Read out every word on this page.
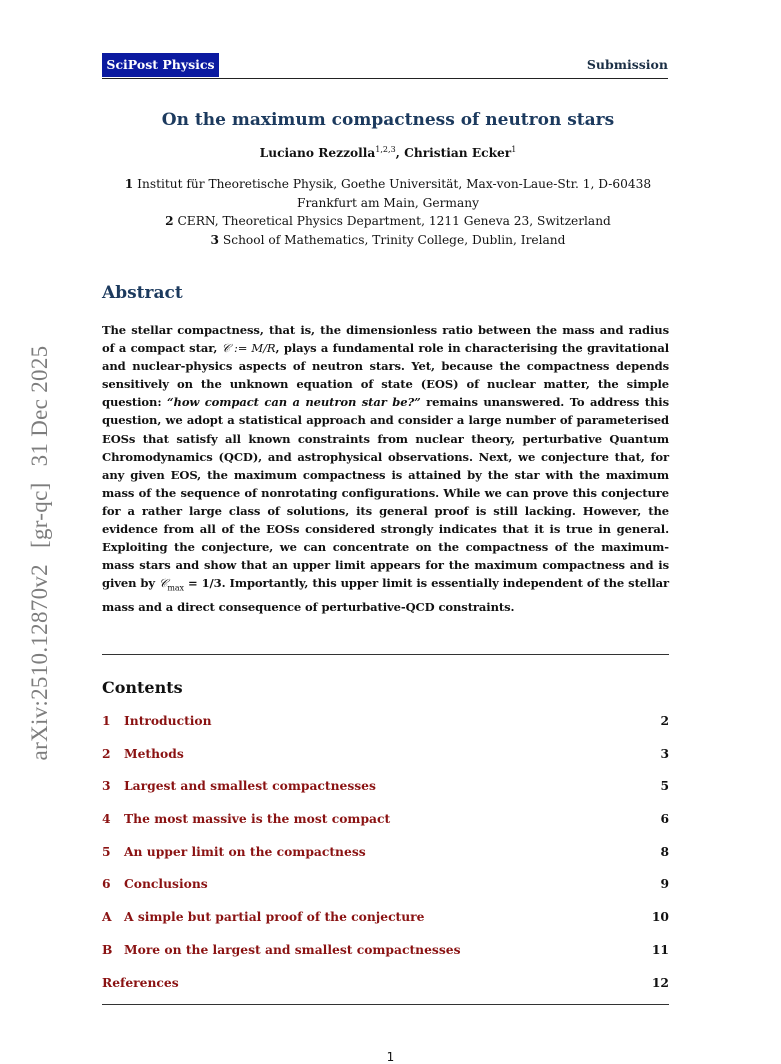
SciPost Physics	Submission
arXiv:2510.12870v2 [gr-qc] 31 Dec 2025
On the maximum compactness of neutron stars
Luciano Rezzolla$^{1,2,3}$, Christian Ecker$^1$
1 Institut für Theoretische Physik, Goethe Universität, Max-von-Laue-Str. 1, D-60438
Frankfurt am Main, Germany
2 CERN, Theoretical Physics Department, 1211 Geneva 23, Switzerland
3 School of Mathematics, Trinity College, Dublin, Ireland
Abstract
The stellar compactness, that is, the dimensionless ratio between the mass and radius of a compact star, 𝒞 := M/R, plays a fundamental role in characterising the gravitational and nuclear-physics aspects of neutron stars. Yet, because the compactness depends sensitively on the unknown equation of state (EOS) of nuclear matter, the simple question: “how compact can a neutron star be?” remains unanswered. To address this question, we adopt a statistical approach and consider a large number of parameterised EOSs that satisfy all known constraints from nuclear theory, perturbative Quantum Chromodynamics (QCD), and astrophysical observations. Next, we conjecture that, for any given EOS, the maximum compactness is attained by the star with the maximum mass of the sequence of nonrotating configurations. While we can prove this conjecture for a rather large class of solutions, its general proof is still lacking. However, the evidence from all of the EOSs considered strongly indicates that it is true in general. Exploiting the conjecture, we can concentrate on the compactness of the maximum-mass stars and show that an upper limit appears for the maximum compactness and is given by 𝒞$_{max}$ = 1/3. Importantly, this upper limit is essentially independent of the stellar mass and a direct consequence of perturbative-QCD constraints.
Contents
1 Introduction	2
2 Methods	3
3 Largest and smallest compactnesses	5
4 The most massive is the most compact	6
5 An upper limit on the compactness	8
6 Conclusions	9
A A simple but partial proof of the conjecture	10
B More on the largest and smallest compactnesses	11
References	12
1
